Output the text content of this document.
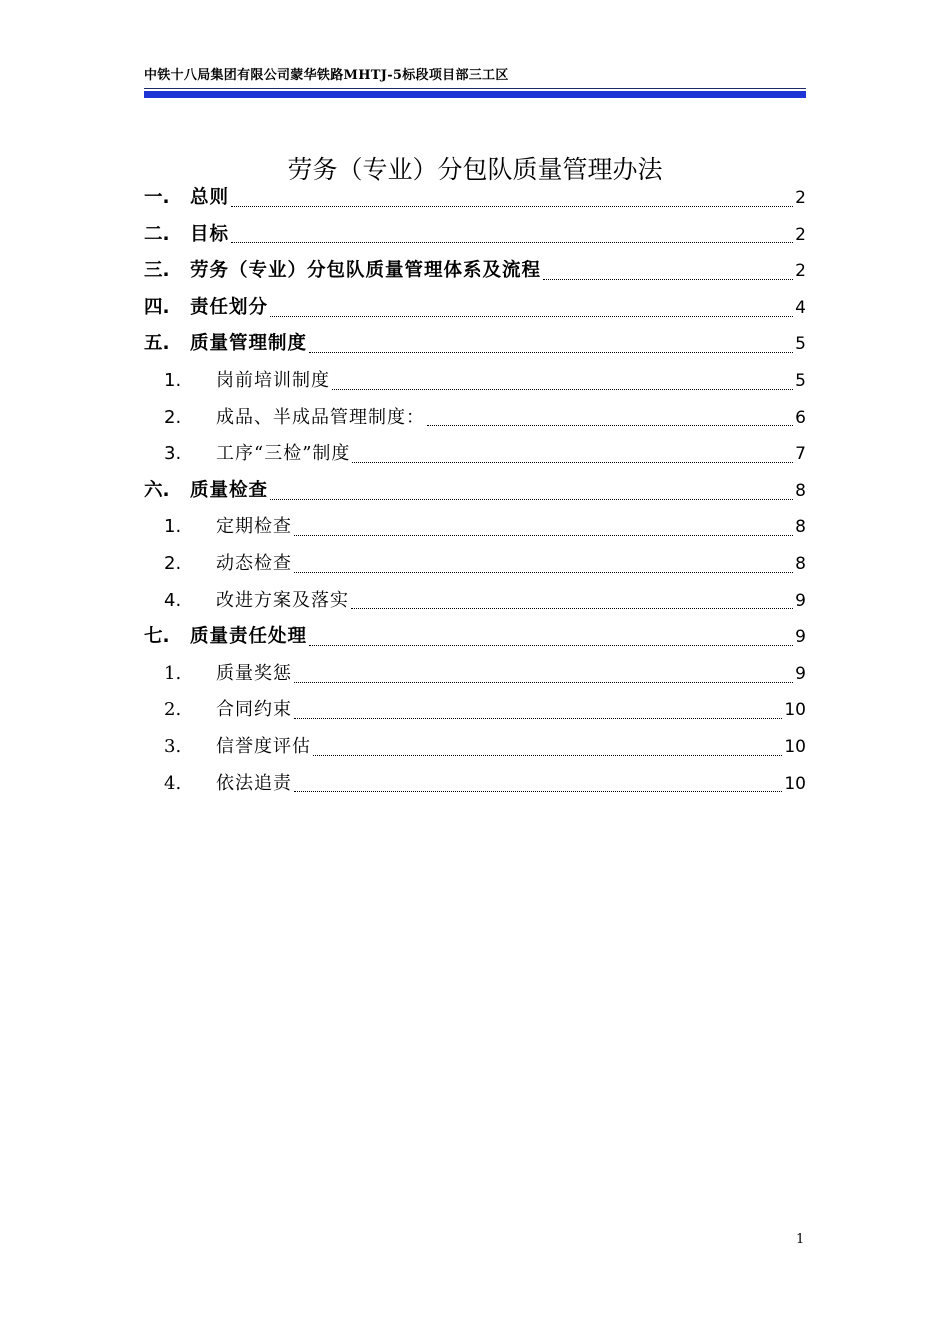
中铁十八局集团有限公司蒙华铁路MHTJ-5标段项目部三工区
劳务（专业）分包队质量管理办法
一.	总则	2
二.	目标	2
三.	劳务（专业）分包队质量管理体系及流程	2
四.	责任划分	4
五.	质量管理制度	5
1.	岗前培训制度	5
2.	成品、半成品管理制度：	6
3.	工序“三检”制度	7
六.	质量检查	8
1.	定期检查	8
2.	动态检查	8
4.	改进方案及落实	9
七.	质量责任处理	9
1.	质量奖惩	9
2.	合同约束	10
3.	信誉度评估	10
4.	依法追责	10
1
